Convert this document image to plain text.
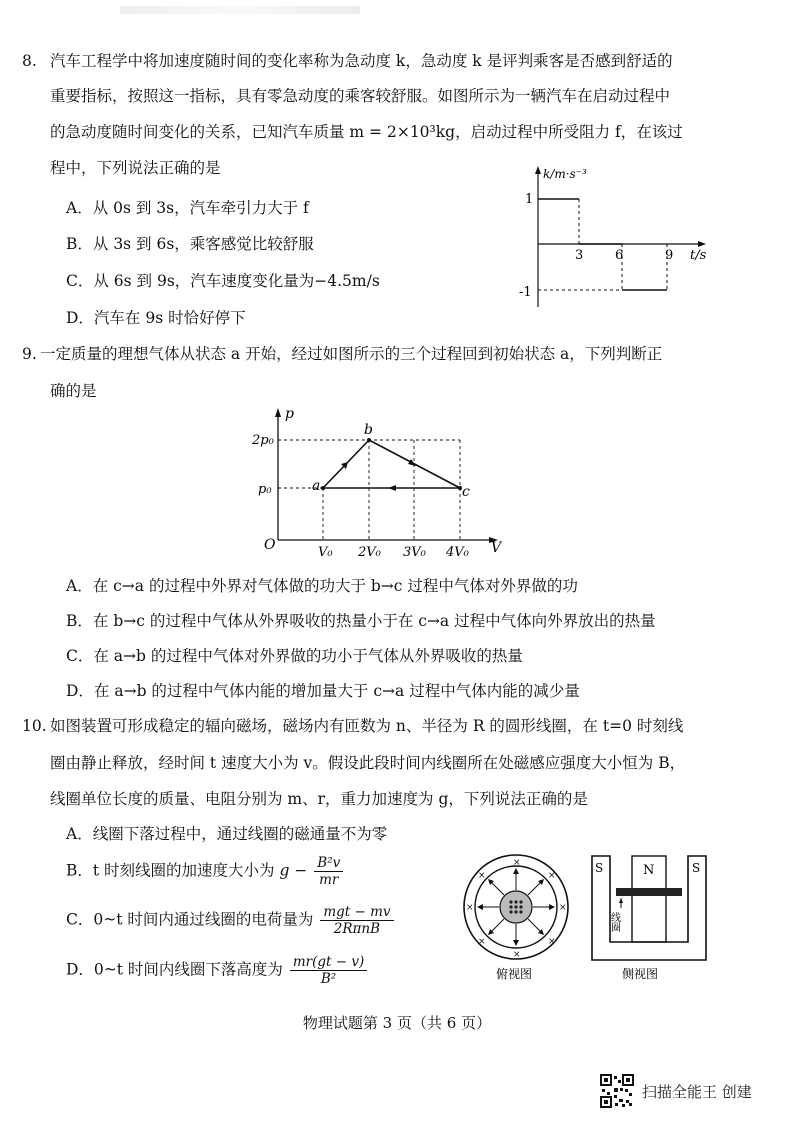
8. 汽车工程学中将加速度随时间的变化率称为急动度 k，急动度 k 是评判乘客是否感到舒适的
重要指标，按照这一指标，具有零急动度的乘客较舒服。如图所示为一辆汽车在启动过程中
的急动度随时间变化的关系，已知汽车质量 m = 2×10³kg，启动过程中所受阻力 f，在该过
程中，下列说法正确的是
A．从 0s 到 3s，汽车牵引力大于 f
B．从 3s 到 6s，乘客感觉比较舒服
C．从 6s 到 9s，汽车速度变化量为−4.5m/s
D．汽车在 9s 时恰好停下
k/m·s⁻³
t/s
1
-1
3 6	9
9. 一定质量的理想气体从状态 a 开始，经过如图所示的三个过程回到初始状态 a，下列判断正
确的是
p
V
O
2p₀
p₀
V₀ 2V₀ 3V₀ 4V₀
a
b
c
A．在 c→a 的过程中外界对气体做的功大于 b→c 过程中气体对外界做的功
B．在 b→c 的过程中气体从外界吸收的热量小于在 c→a 过程中气体向外界放出的热量
C．在 a→b 的过程中气体对外界做的功小于气体从外界吸收的热量
D．在 a→b 的过程中气体内能的增加量大于 c→a 过程中气体内能的减少量
10. 如图装置可形成稳定的辐向磁场，磁场内有匝数为 n、半径为 R 的圆形线圈，在 t=0 时刻线
圈由静止释放，经时间 t 速度大小为 v。假设此段时间内线圈所在处磁感应强度大小恒为 B，
线圈单位长度的质量、电阻分别为 m、r，重力加速度为 g，下列说法正确的是
A．线圈下落过程中，通过线圈的磁通量不为零
B．t 时刻线圈的加速度大小为 $g - \frac{\text{B²v}}{mr}$
C．0~t 时间内通过线圈的电荷量为 $\frac{\text{mgt − mv}}{\text{2RπnB}}$
D．0~t 时间内线圈下落高度为 $\frac{mr(gt - v)}{\text{B²}}$
×
×
×	×
×	×
×	×
俯视图
N
S	S
线圈
侧视图
物理试题第 3 页（共 6 页）
扫描全能王 创建
